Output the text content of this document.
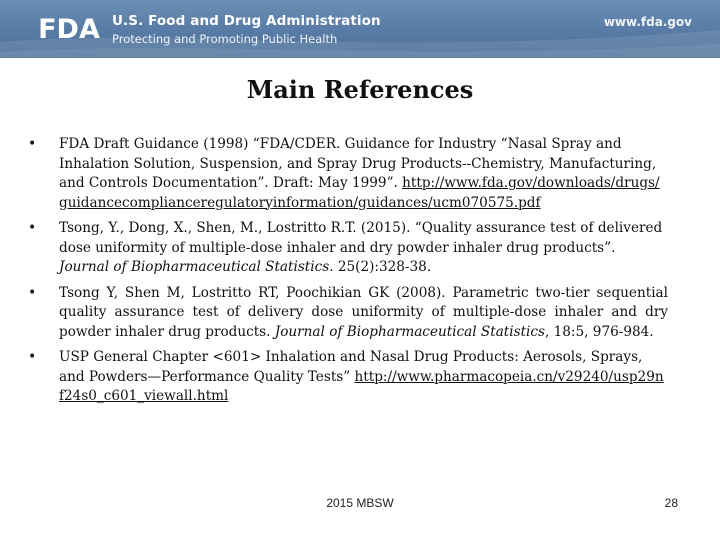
FDA U.S. Food and Drug Administration
Protecting and Promoting Public Health
www.fda.gov
Main References
• FDA Draft Guidance (1998) “FDA/CDER. Guidance for Industry “Nasal Spray and Inhalation Solution, Suspension, and Spray Drug Products--Chemistry, Manufacturing, and Controls Documentation”. Draft: May 1999”. http://www.fda.gov/downloads/drugs/guidancecomplianceregulatoryinformation/guidances/ucm070575.pdf
• Tsong, Y., Dong, X., Shen, M., Lostritto R.T. (2015). “Quality assurance test of delivered dose uniformity of multiple-dose inhaler and dry powder inhaler drug products”. Journal of Biopharmaceutical Statistics. 25(2):328-38.
• Tsong Y, Shen M, Lostritto RT, Poochikian GK (2008). Parametric two-tier sequential quality assurance test of delivery dose uniformity of multiple-dose inhaler and dry powder inhaler drug products. Journal of Biopharmaceutical Statistics, 18:5, 976-984.
• USP General Chapter <601> Inhalation and Nasal Drug Products: Aerosols, Sprays, and Powders—Performance Quality Tests” http://www.pharmacopeia.cn/v29240/usp29nf24s0_c601_viewall.html
2015 MBSW	28
